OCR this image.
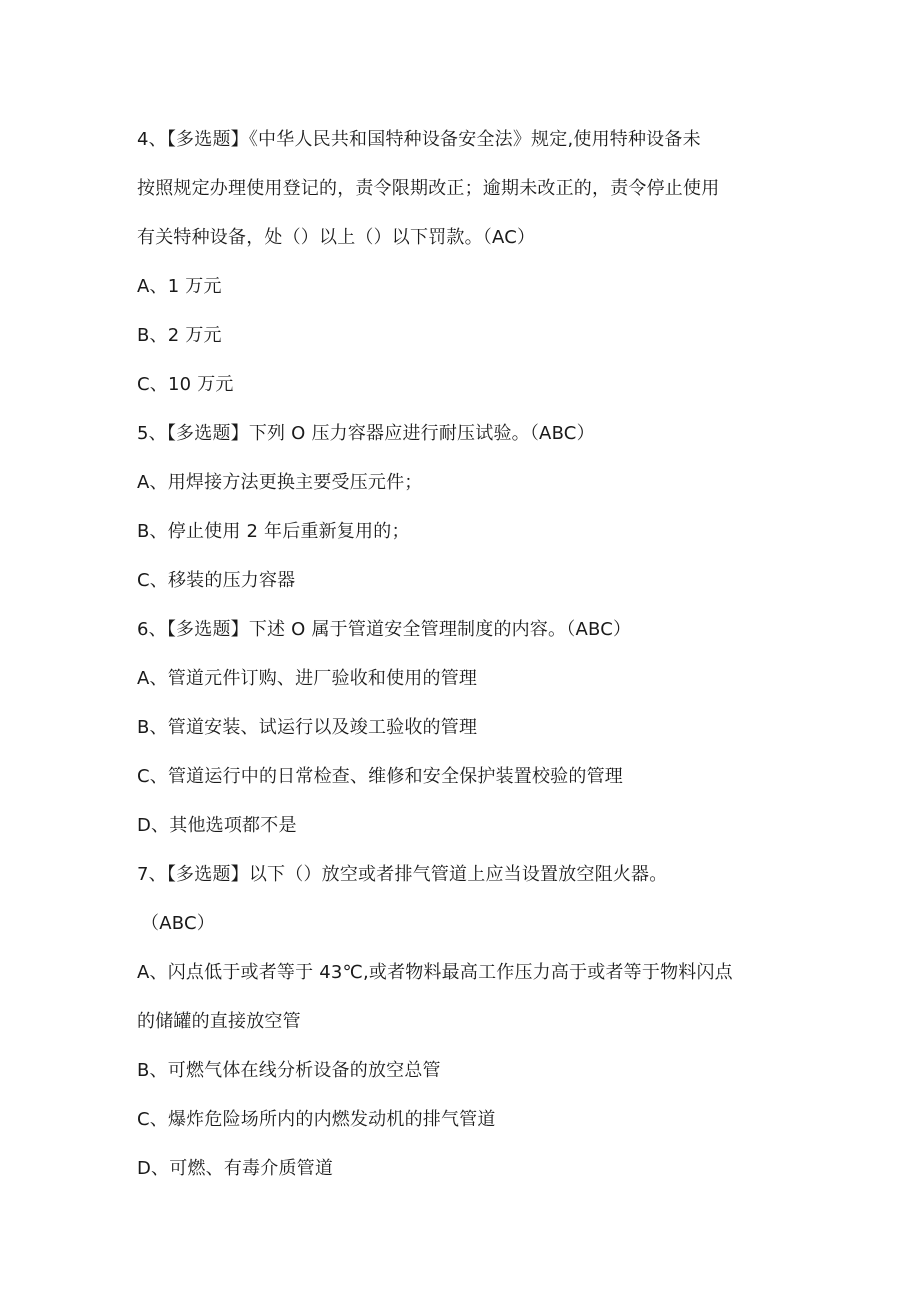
4、【多选题】《中华人民共和国特种设备安全法》规定,使用特种设备未
按照规定办理使用登记的，责令限期改正；逾期未改正的，责令停止使用
有关特种设备，处（）以上（）以下罚款。（AC）
A、1 万元
B、2 万元
C、10 万元
5、【多选题】下列 O 压力容器应进行耐压试验。（ABC）
A、用焊接方法更换主要受压元件；
B、停止使用 2 年后重新复用的；
C、移装的压力容器
6、【多选题】下述 O 属于管道安全管理制度的内容。（ABC）
A、管道元件订购、进厂验收和使用的管理
B、管道安装、试运行以及竣工验收的管理
C、管道运行中的日常检查、维修和安全保护装置校验的管理
D、其他选项都不是
7、【多选题】以下（）放空或者排气管道上应当设置放空阻火器。
（ABC）
A、闪点低于或者等于 43℃,或者物料最高工作压力高于或者等于物料闪点
的储罐的直接放空管
B、可燃气体在线分析设备的放空总管
C、爆炸危险场所内的内燃发动机的排气管道
D、可燃、有毒介质管道
